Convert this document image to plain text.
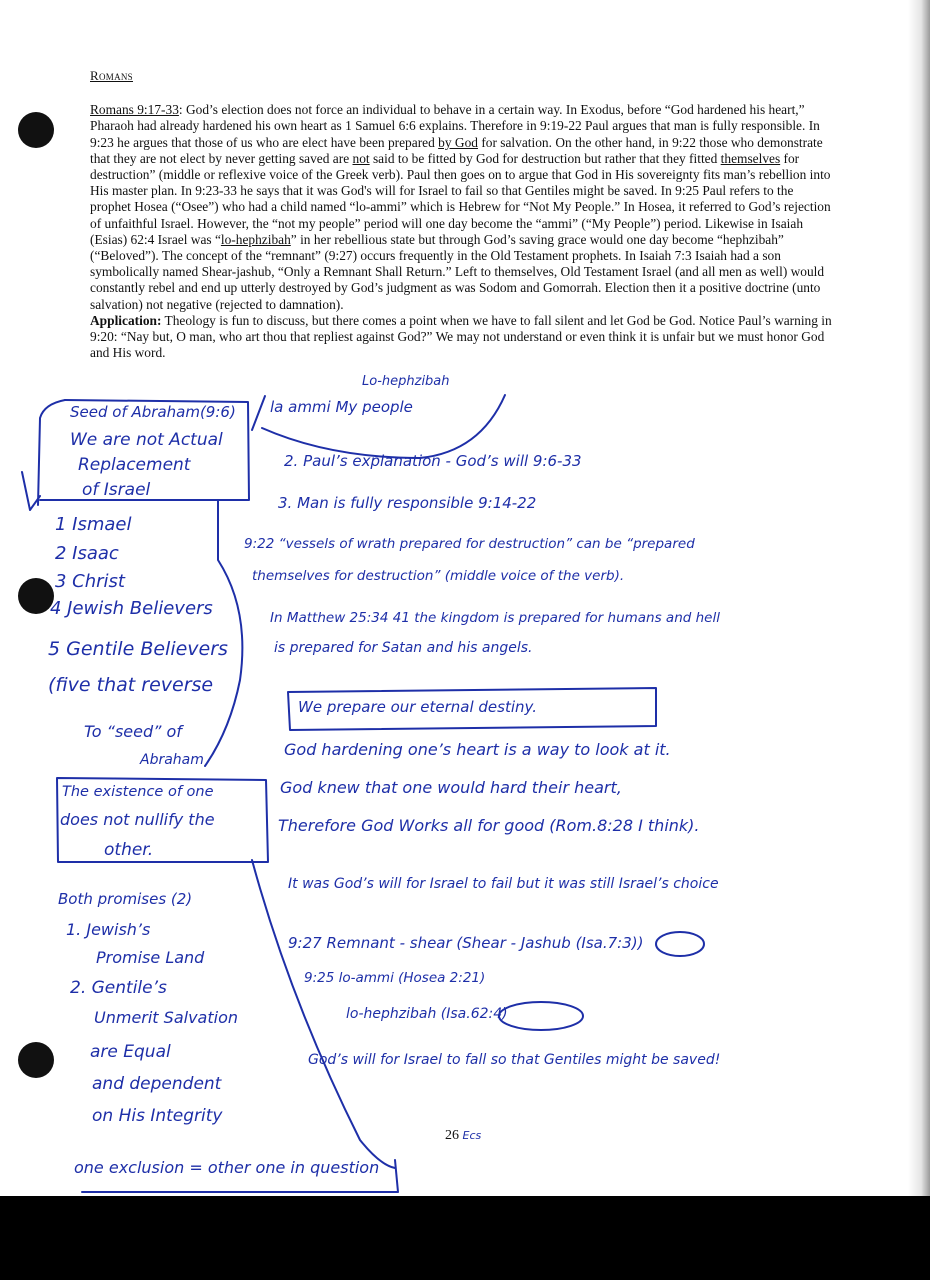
Romans
Romans 9:17-33: God’s election does not force an individual to behave in a certain way. In Exodus, before “God hardened his heart,” Pharaoh had already hardened his own heart as 1 Samuel 6:6 explains. Therefore in 9:19-22 Paul argues that man is fully responsible. In 9:23 he argues that those of us who are elect have been prepared by God for salvation. On the other hand, in 9:22 those who demonstrate that they are not elect by never getting saved are not said to be fitted by God for destruction but rather that they fitted themselves for destruction” (middle or reflexive voice of the Greek verb). Paul then goes on to argue that God in His sovereignty fits man’s rebellion into His master plan. In 9:23-33 he says that it was God's will for Israel to fail so that Gentiles might be saved. In 9:25 Paul refers to the prophet Hosea (“Osee”) who had a child named “lo-ammi” which is Hebrew for “Not My People.” In Hosea, it referred to God’s rejection of unfaithful Israel. However, the “not my people” period will one day become the “ammi” (“My People”) period. Likewise in Isaiah (Esias) 62:4 Israel was “lo-hephzibah” in her rebellious state but through God’s saving grace would one day become “hephzibah” (“Beloved”). The concept of the “remnant” (9:27) occurs frequently in the Old Testament prophets. In Isaiah 7:3 Isaiah had a son symbolically named Shear-jashub, “Only a Remnant Shall Return.” Left to themselves, Old Testament Israel (and all men as well) would constantly rebel and end up utterly destroyed by God’s judgment as was Sodom and Gomorrah. Election then it a positive doctrine (unto salvation) not negative (rejected to damnation).
Application: Theology is fun to discuss, but there comes a point when we have to fall silent and let God be God. Notice Paul’s warning in 9:20: “Nay but, O man, who art thou that repliest against God?” We may not understand or even think it is unfair but we must honor God and His word.
Lo-hephzibah
Seed of Abraham(9:6)
We are not Actual
Replacement
of Israel
1 Ismael
2 Isaac
3 Christ
4 Jewish Believers
5 Gentile Believers
(five that reverse
To “seed” of
Abraham
The existence of one
does not nullify the
other.
Both promises (2)
1. Jewish’s
Promise Land
2. Gentile’s
Unmerit Salvation
are Equal
and dependent
on His Integrity
one exclusion = other one in question
la ammi My people
2. Paul’s explanation - God’s will 9:6-33
3. Man is fully responsible 9:14-22
9:22 “vessels of wrath prepared for destruction” can be “prepared
themselves for destruction” (middle voice of the verb).
In Matthew 25:34 41 the kingdom is prepared for humans and hell
is prepared for Satan and his angels.
We prepare our eternal destiny.
God hardening one’s heart is a way to look at it.
God knew that one would hard their heart,
Therefore God Works all for good (Rom.8:28 I think).
It was God’s will for Israel to fail but it was still Israel’s choice
9:27 Remnant - shear (Shear - Jashub (Isa.7:3))
9:25 lo-ammi (Hosea 2:21)
lo-hephzibah (Isa.62:4)
God’s will for Israel to fall so that Gentiles might be saved!
26 Ecs
